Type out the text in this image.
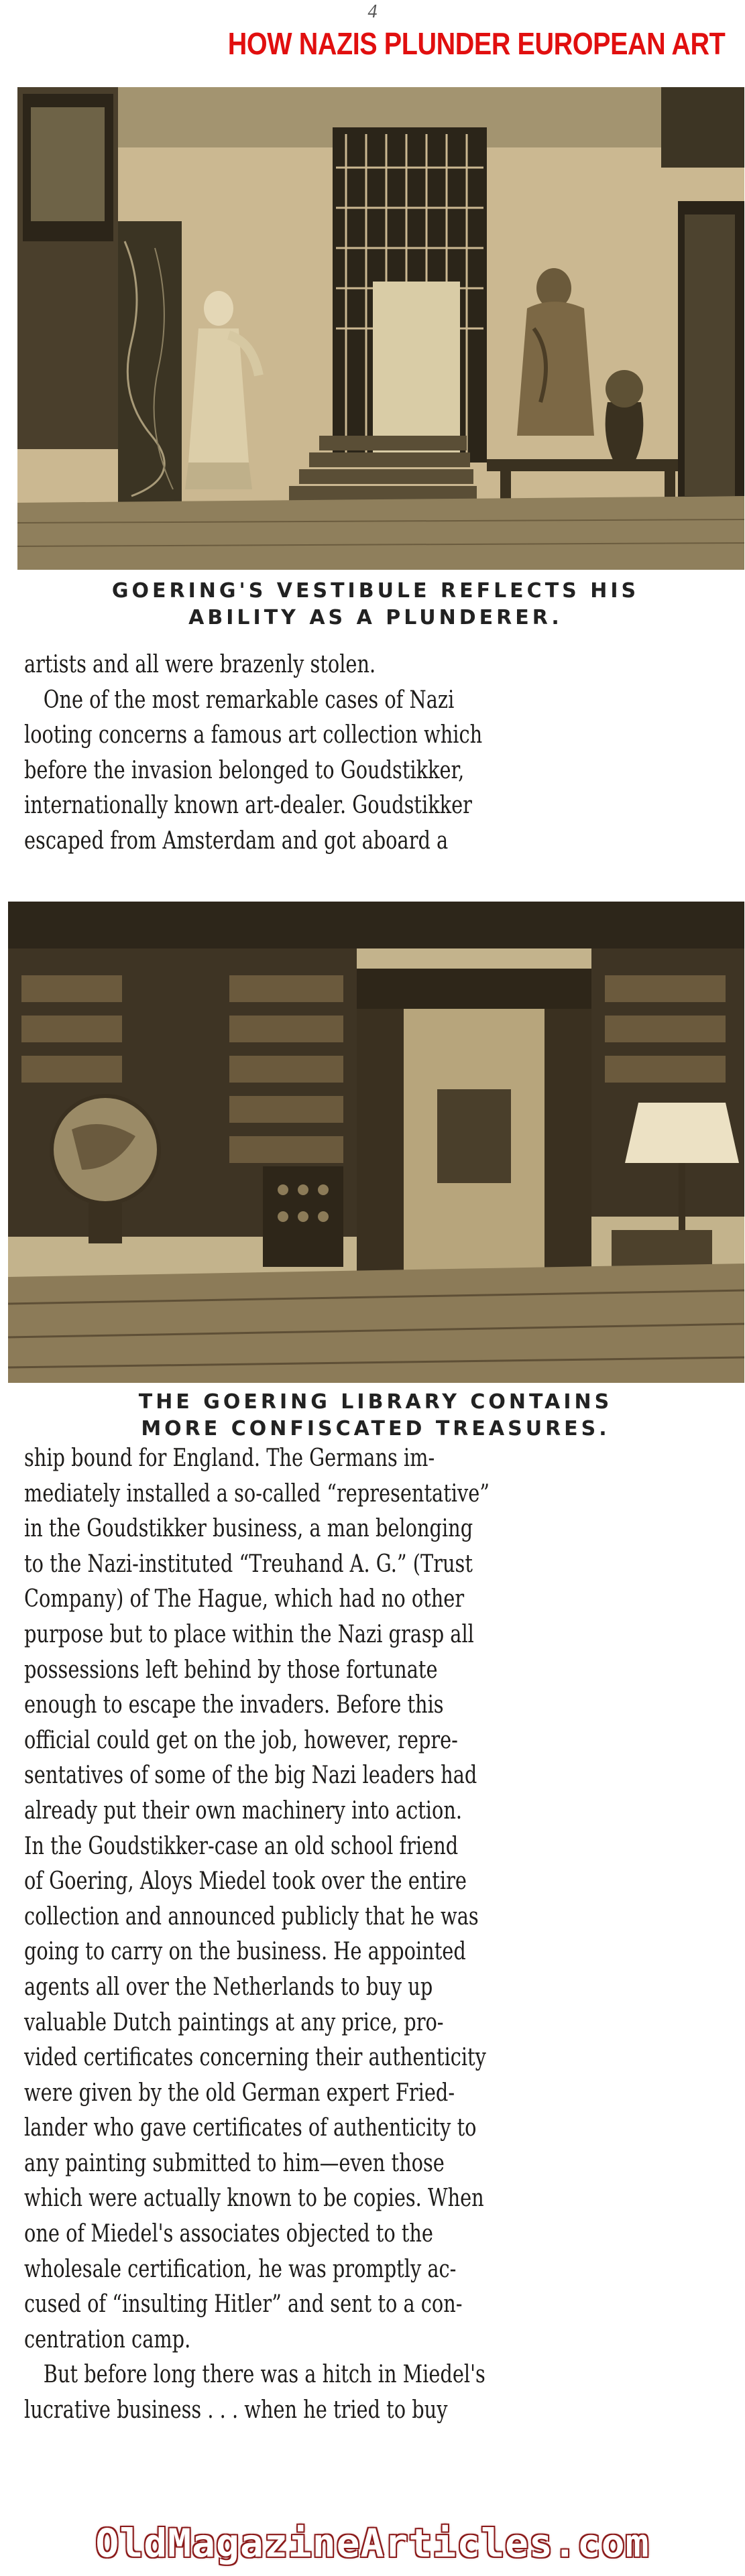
4
HOW NAZIS PLUNDER EUROPEAN ART
GOERING'S VESTIBULE REFLECTS HIS
ABILITY AS A PLUNDERER.
artists and all were brazenly stolen.
 One of the most remarkable cases of Nazi
looting concerns a famous art collection which
before the invasion belonged to Goudstikker,
internationally known art-dealer. Goudstikker
escaped from Amsterdam and got aboard a
THE GOERING LIBRARY CONTAINS
MORE CONFISCATED TREASURES.
ship bound for England. The Germans im-
mediately installed a so-called “representative”
in the Goudstikker business, a man belonging
to the Nazi-instituted “Treuhand A. G.” (Trust
Company) of The Hague, which had no other
purpose but to place within the Nazi grasp all
possessions left behind by those fortunate
enough to escape the invaders. Before this
official could get on the job, however, repre-
sentatives of some of the big Nazi leaders had
already put their own machinery into action.
In the Goudstikker-case an old school friend
of Goering, Aloys Miedel took over the entire
collection and announced publicly that he was
going to carry on the business. He appointed
agents all over the Netherlands to buy up
valuable Dutch paintings at any price, pro-
vided certificates concerning their authenticity
were given by the old German expert Fried-
lander who gave certificates of authenticity to
any painting submitted to him—even those
which were actually known to be copies. When
one of Miedel's associates objected to the
wholesale certification, he was promptly ac-
cused of “insulting Hitler” and sent to a con-
centration camp.
 But before long there was a hitch in Miedel's
lucrative business . . . when he tried to buy
OldMagazineArticles.com
